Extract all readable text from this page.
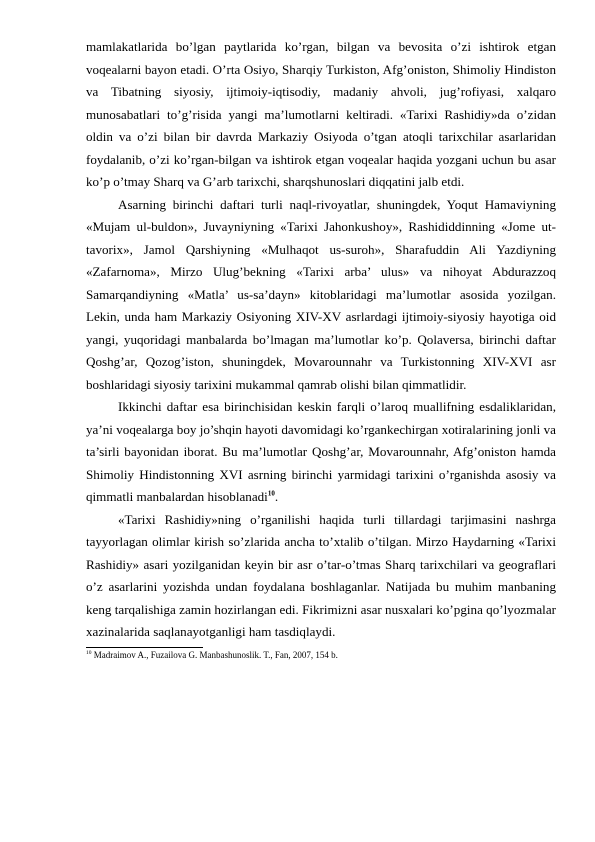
mamlakatlarida bo’lgan paytlarida ko’rgan, bilgan va bevosita o’zi ishtirok etgan voqealarni bayon etadi. O’rta Osiyo, Sharqiy Turkiston, Afg’oniston, Shimoliy Hindiston va Tibatning siyosiy, ijtimoiy-iqtisodiy, madaniy ahvoli, jug’rofiyasi, xalqaro munosabatlari to’g’risida yangi ma’lumotlarni keltiradi. «Tarixi Rashidiy»da o’zidan oldin va o’zi bilan bir davrda Markaziy Osiyoda o’tgan atoqli tarixchilar asarlaridan foydalanib, o’zi ko’rgan-bilgan va ishtirok etgan voqealar haqida yozgani uchun bu asar ko’p o’tmay Sharq va G’arb tarixchi, sharqshunoslari diqqatini jalb etdi.

Asarning birinchi daftari turli naql-rivoyatlar, shuningdek, Yoqut Hamaviyning «Mujam ul-buldon», Juvayniyning «Tarixi Jahonkushoy», Rashididdinning «Jome ut-tavorix», Jamol Qarshiyning «Mulhaqot us-suroh», Sharafuddin Ali Yazdiyning «Zafarnoma», Mirzo Ulug’bekning «Tarixi arba’ ulus» va nihoyat Abdurazzoq Samarqandiyning «Matla’ us-sa’dayn» kitoblaridagi ma’lumotlar asosida yozilgan. Lekin, unda ham Markaziy Osiyoning XIV-XV asrlardagi ijtimoiy-siyosiy hayotiga oid yangi, yuqoridagi manbalarda bo’lmagan ma’lumotlar ko’p. Qolaversa, birinchi daftar Qoshg’ar, Qozog’iston, shuningdek, Movarounnahr va Turkistonning XIV-XVI asr boshlaridagi siyosiy tarixini mukammal qamrab olishi bilan qimmatlidir.

Ikkinchi daftar esa birinchisidan keskin farqli o’laroq muallifning esdaliklaridan, ya’ni voqealarga boy jo’shqin hayoti davomidagi ko’rgankechirgan xotiralarining jonli va ta’sirli bayonidan iborat. Bu ma’lumotlar Qoshg’ar, Movarounnahr, Afg’oniston hamda Shimoliy Hindistonning XVI asrning birinchi yarmidagi tarixini o’rganishda asosiy va qimmatli manbalardan hisoblanadi$^{10}$.

«Tarixi Rashidiy»ning o’rganilishi haqida turli tillardagi tarjimasini nashrga tayyorlagan olimlar kirish so’zlarida ancha to’xtalib o’tilgan. Mirzo Haydarning «Tarixi Rashidiy» asari yozilganidan keyin bir asr o’tar-o’tmas Sharq tarixchilari va geograflari o’z asarlarini yozishda undan foydalana boshlaganlar. Natijada bu muhim manbaning keng tarqalishiga zamin hozirlangan edi. Fikrimizni asar nusxalari ko’pgina qo’lyozmalar xazinalarida saqlanayotganligi ham tasdiqlaydi.

$^{10}$ Madraimov A., Fuzailova G. Manbashunoslik. T., Fan, 2007, 154 b.
